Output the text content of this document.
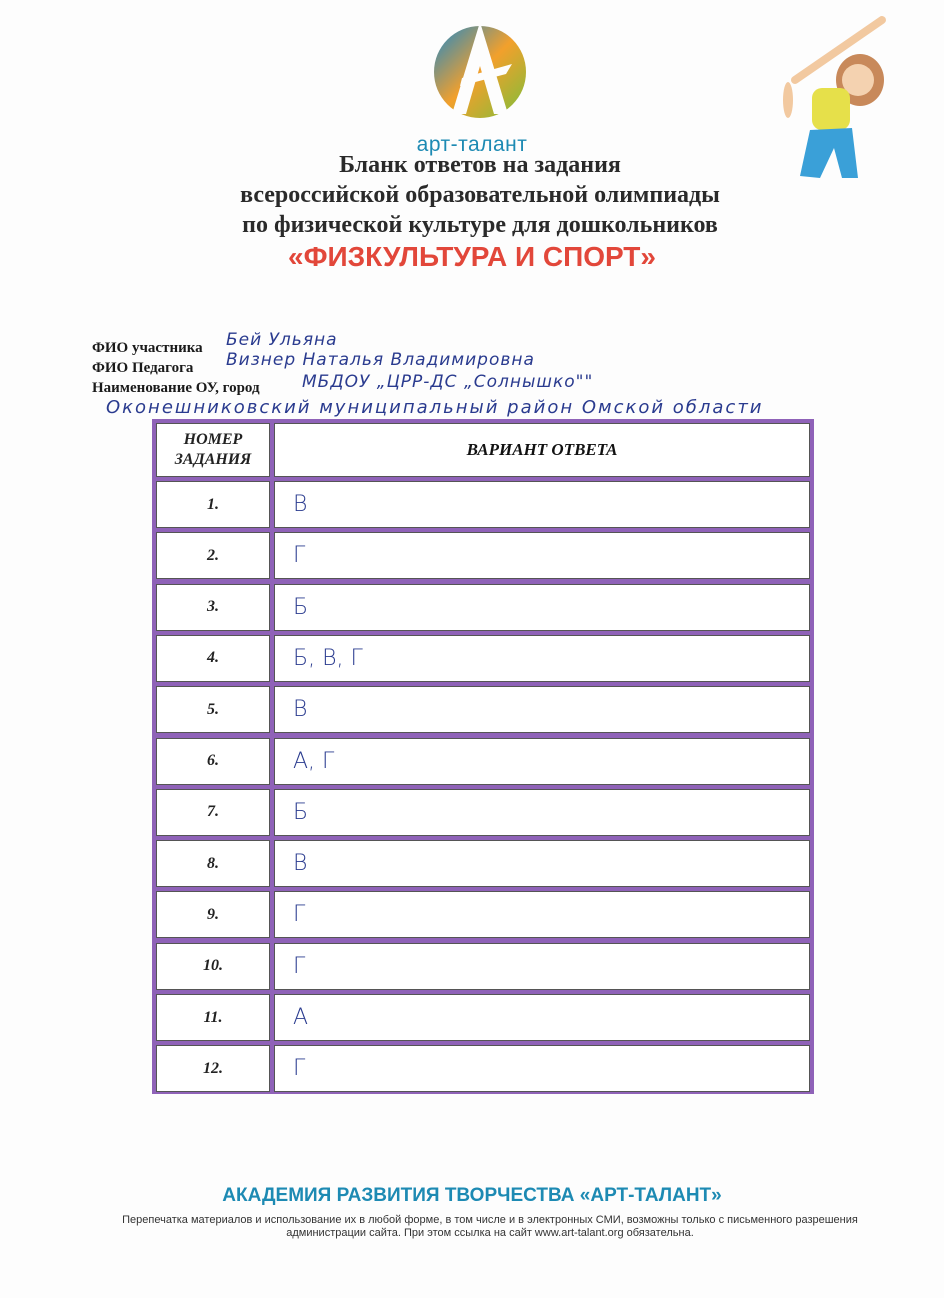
арт-талант
Бланк ответов на задания
всероссийской образовательной олимпиады
по физической культуре для дошкольников
«ФИЗКУЛЬТУРА И СПОРТ»
ФИО участника Бей Ульяна
ФИО Педагога Визнер Наталья Владимировна
Наименование ОУ, город МБДОУ „ЦРР-ДС „Солнышко""
Оконешниковский муниципальный район Омской области
НОМЕР ЗАДАНИЯ
ВАРИАНТ ОТВЕТА
1.	В
2.	Г
3.	Б
4.	Б, В, Г
5.	В
6.	А, Г
7.	Б
8.	В
9.	Г
10.	Г
11.	А
12.	Г
АКАДЕМИЯ РАЗВИТИЯ ТВОРЧЕСТВА «АРТ-ТАЛАНТ»
Перепечатка материалов и использование их в любой форме, в том числе и в электронных СМИ, возможны только с письменного разрешения администрации сайта. При этом ссылка на сайт www.art-talant.org обязательна.
